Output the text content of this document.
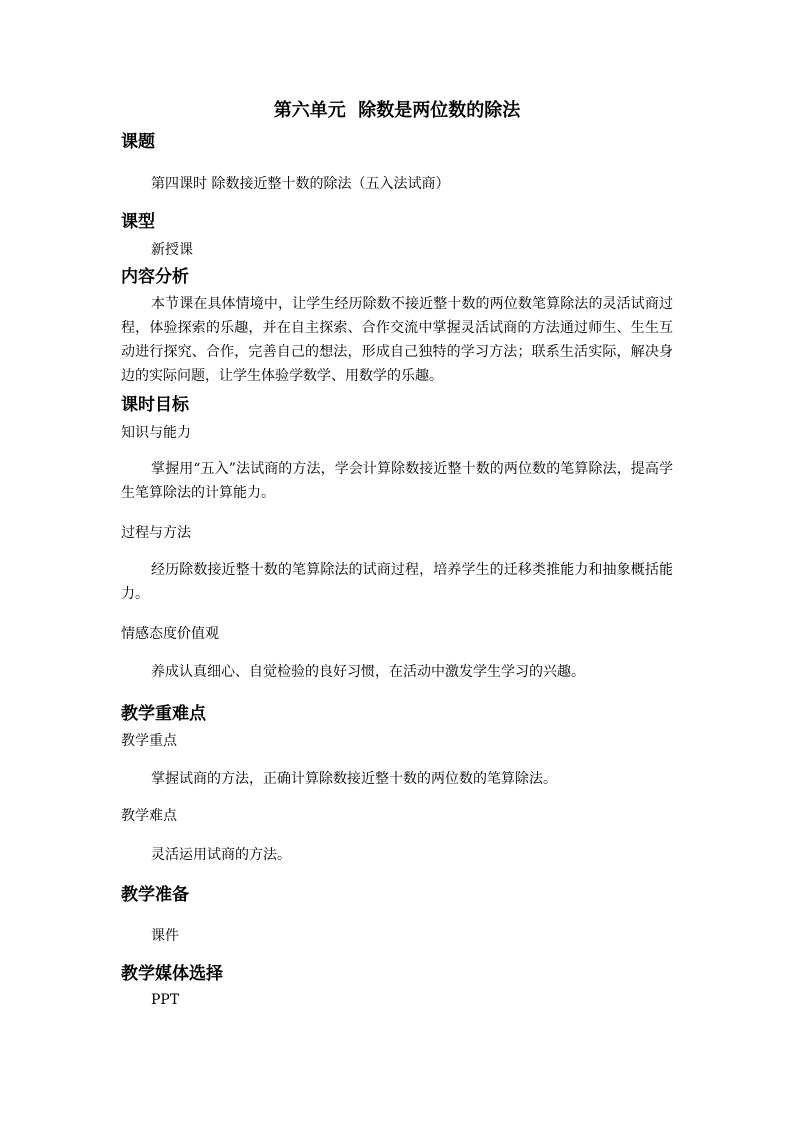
第六单元  除数是两位数的除法
课题
第四课时 除数接近整十数的除法（五入法试商）
课型
新授课
内容分析
本节课在具体情境中，让学生经历除数不接近整十数的两位数笔算除法的灵活试商过程，体验探索的乐趣，并在自主探索、合作交流中掌握灵活试商的方法通过师生、生生互动进行探究、合作，完善自己的想法，形成自己独特的学习方法；联系生活实际，解决身边的实际问题，让学生体验学数学、用数学的乐趣。
课时目标
知识与能力
掌握用“五入”法试商的方法，学会计算除数接近整十数的两位数的笔算除法，提高学生笔算除法的计算能力。
过程与方法
经历除数接近整十数的笔算除法的试商过程，培养学生的迁移类推能力和抽象概括能力。
情感态度价值观
养成认真细心、自觉检验的良好习惯，在活动中激发学生学习的兴趣。
教学重难点
教学重点
掌握试商的方法，正确计算除数接近整十数的两位数的笔算除法。
教学难点
灵活运用试商的方法。
教学准备
课件
教学媒体选择
PPT
